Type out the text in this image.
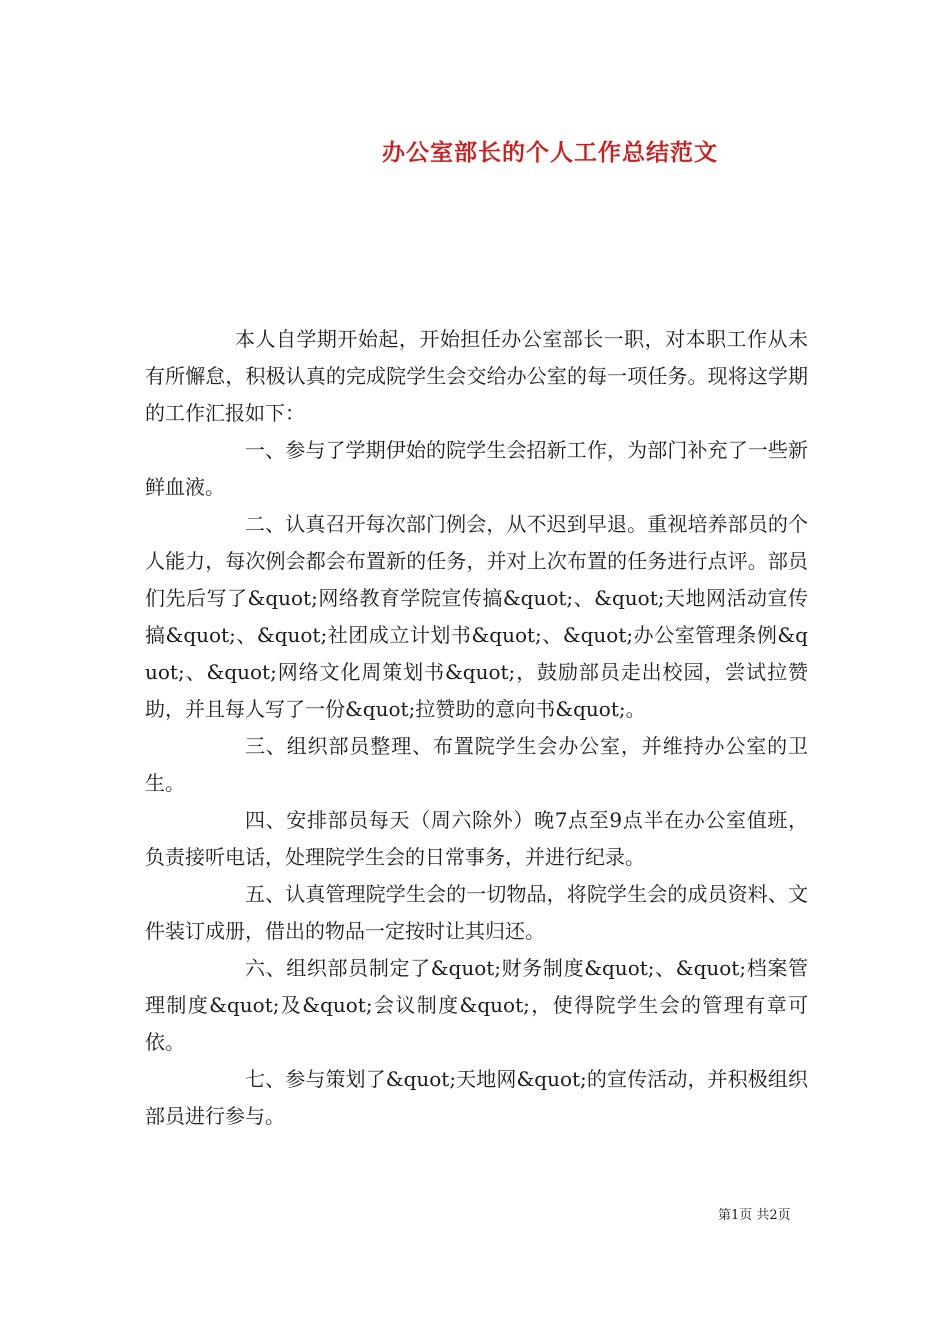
办公室部长的个人工作总结范文

本人自学期开始起，开始担任办公室部长一职，对本职工作从未有所懈怠，积极认真的完成院学生会交给办公室的每一项任务。现将这学期的工作汇报如下：

一、参与了学期伊始的院学生会招新工作，为部门补充了一些新鲜血液。

二、认真召开每次部门例会，从不迟到早退。重视培养部员的个人能力，每次例会都会布置新的任务，并对上次布置的任务进行点评。部员们先后写了&quot;网络教育学院宣传搞&quot;、&quot;天地网活动宣传搞&quot;、&quot;社团成立计划书&quot;、&quot;办公室管理条例&quot;、&quot;网络文化周策划书&quot;，鼓励部员走出校园，尝试拉赞助，并且每人写了一份&quot;拉赞助的意向书&quot;。

三、组织部员整理、布置院学生会办公室，并维持办公室的卫生。

四、安排部员每天（周六除外）晚7点至9点半在办公室值班，负责接听电话，处理院学生会的日常事务，并进行纪录。

五、认真管理院学生会的一切物品，将院学生会的成员资料、文件装订成册，借出的物品一定按时让其归还。

六、组织部员制定了&quot;财务制度&quot;、&quot;档案管理制度&quot;及&quot;会议制度&quot;，使得院学生会的管理有章可依。

七、参与策划了&quot;天地网&quot;的宣传活动，并积极组织部员进行参与。

第1页 共2页
